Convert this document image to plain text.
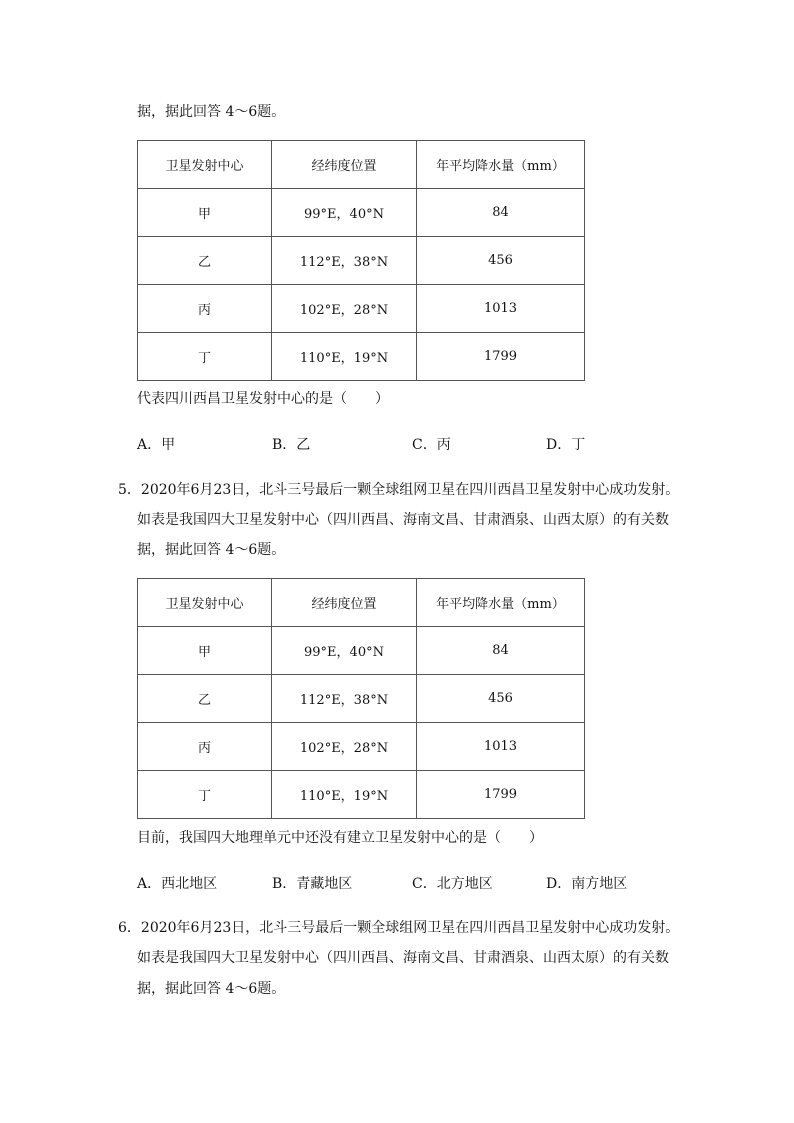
据，据此回答 4～6题。
卫星发射中心	经纬度位置	年平均降水量（mm）
甲	99°E，40°N	84
乙	112°E，38°N	456
丙	102°E，28°N	1013
丁	110°E，19°N	1799
代表四川西昌卫星发射中心的是（　　）
A．甲	B．乙	C．丙	D．丁
5．2020年6月23日，北斗三号最后一颗全球组网卫星在四川西昌卫星发射中心成功发射。
如表是我国四大卫星发射中心（四川西昌、海南文昌、甘肃酒泉、山西太原）的有关数
据，据此回答 4～6题。
卫星发射中心	经纬度位置	年平均降水量（mm）
甲	99°E，40°N	84
乙	112°E，38°N	456
丙	102°E，28°N	1013
丁	110°E，19°N	1799
目前，我国四大地理单元中还没有建立卫星发射中心的是（　　）
A．西北地区	B．青藏地区	C．北方地区	D．南方地区
6．2020年6月23日，北斗三号最后一颗全球组网卫星在四川西昌卫星发射中心成功发射。
如表是我国四大卫星发射中心（四川西昌、海南文昌、甘肃酒泉、山西太原）的有关数
据，据此回答 4～6题。
